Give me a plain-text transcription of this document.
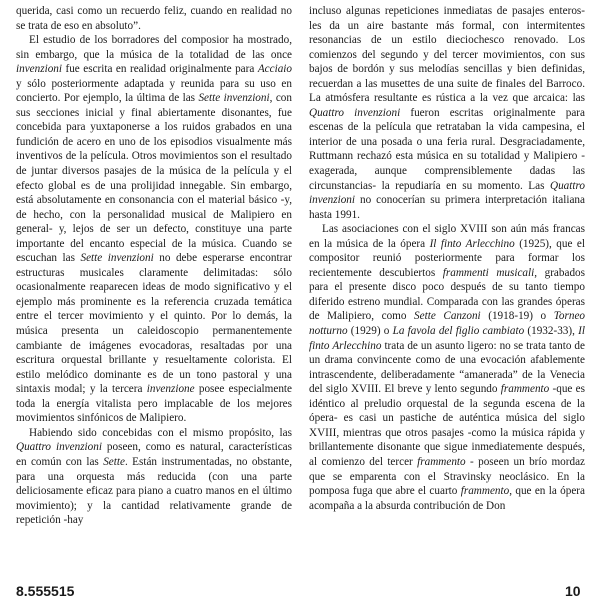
querida, casi como un recuerdo feliz, cuando en realidad no se trata de eso en absoluto”.

El estudio de los borradores del composior ha mostrado, sin embargo, que la música de la totalidad de las once invenzioni fue escrita en realidad originalmente para Acciaio y sólo posteriormente adaptada y reunida para su uso en concierto. Por ejemplo, la última de las Sette invenzioni, con sus secciones inicial y final abiertamente disonantes, fue concebida para yuxtaponerse a los ruidos grabados en una fundición de acero en uno de los episodios visualmente más inventivos de la película. Otros movimientos son el resultado de juntar diversos pasajes de la música de la película y el efecto global es de una prolijidad innegable. Sin embargo, está absolutamente en consonancia con el material básico -y, de hecho, con la personalidad musical de Malipiero en general- y, lejos de ser un defecto, constituye una parte importante del encanto especial de la música. Cuando se escuchan las Sette invenzioni no debe esperarse encontrar estructuras musicales claramente delimitadas: sólo ocasionalmente reaparecen ideas de modo significativo y el ejemplo más prominente es la referencia cruzada temática entre el tercer movimiento y el quinto. Por lo demás, la música presenta un caleidoscopio permanentemente cambiante de imágenes evocadoras, resaltadas por una escritura orquestal brillante y resueltamente colorista. El estilo melódico dominante es de un tono pastoral y una sintaxis modal; y la tercera invenzione posee especialmente toda la energía vitalista pero implacable de los mejores movimientos sinfónicos de Malipiero.

Habiendo sido concebidas con el mismo propósito, las Quattro invenzioni poseen, como es natural, características en común con las Sette. Están instrumentadas, no obstante, para una orquesta más reducida (con una parte deliciosamente eficaz para piano a cuatro manos en el último movimiento); y la cantidad relativamente grande de repetición -hay

incluso algunas repeticiones inmediatas de pasajes enteros- les da un aire bastante más formal, con intermitentes resonancias de un estilo dieciochesco renovado. Los comienzos del segundo y del tercer movimientos, con sus bajos de bordón y sus melodías sencillas y bien definidas, recuerdan a las musettes de una suite de finales del Barroco. La atmósfera resultante es rústica a la vez que arcaica: las Quattro invenzioni fueron escritas originalmente para escenas de la película que retrataban la vida campesina, el interior de una posada o una feria rural. Desgraciadamente, Ruttmann rechazó esta música en su totalidad y Malipiero - exagerada, aunque comprensiblemente dadas las circunstancias- la repudiaría en su momento. Las Quattro invenzioni no conocerían su primera interpretación italiana hasta 1991.

Las asociaciones con el siglo XVIII son aún más francas en la música de la ópera Il finto Arlecchino (1925), que el compositor reunió posteriormente para formar los recientemente descubiertos frammenti musicali, grabados para el presente disco poco después de su tanto tiempo diferido estreno mundial. Comparada con las grandes óperas de Malipiero, como Sette Canzoni (1918-19) o Torneo notturno (1929) o La favola del figlio cambiato (1932-33), Il finto Arlecchino trata de un asunto ligero: no se trata tanto de un drama convincente como de una evocación afablemente intrascendente, deliberadamente “amanerada” de la Venecia del siglo XVIII. El breve y lento segundo frammento -que es idéntico al preludio orquestal de la segunda escena de la ópera- es casi un pastiche de auténtica música del siglo XVIII, mientras que otros pasajes -como la música rápida y brillantemente disonante que sigue inmediatemente después, al comienzo del tercer frammento - poseen un brío mordaz que se emparenta con el Stravinsky neoclásico. En la pomposa fuga que abre el cuarto frammento, que en la ópera acompaña a la absurda contribución de Don

8.555515	10
